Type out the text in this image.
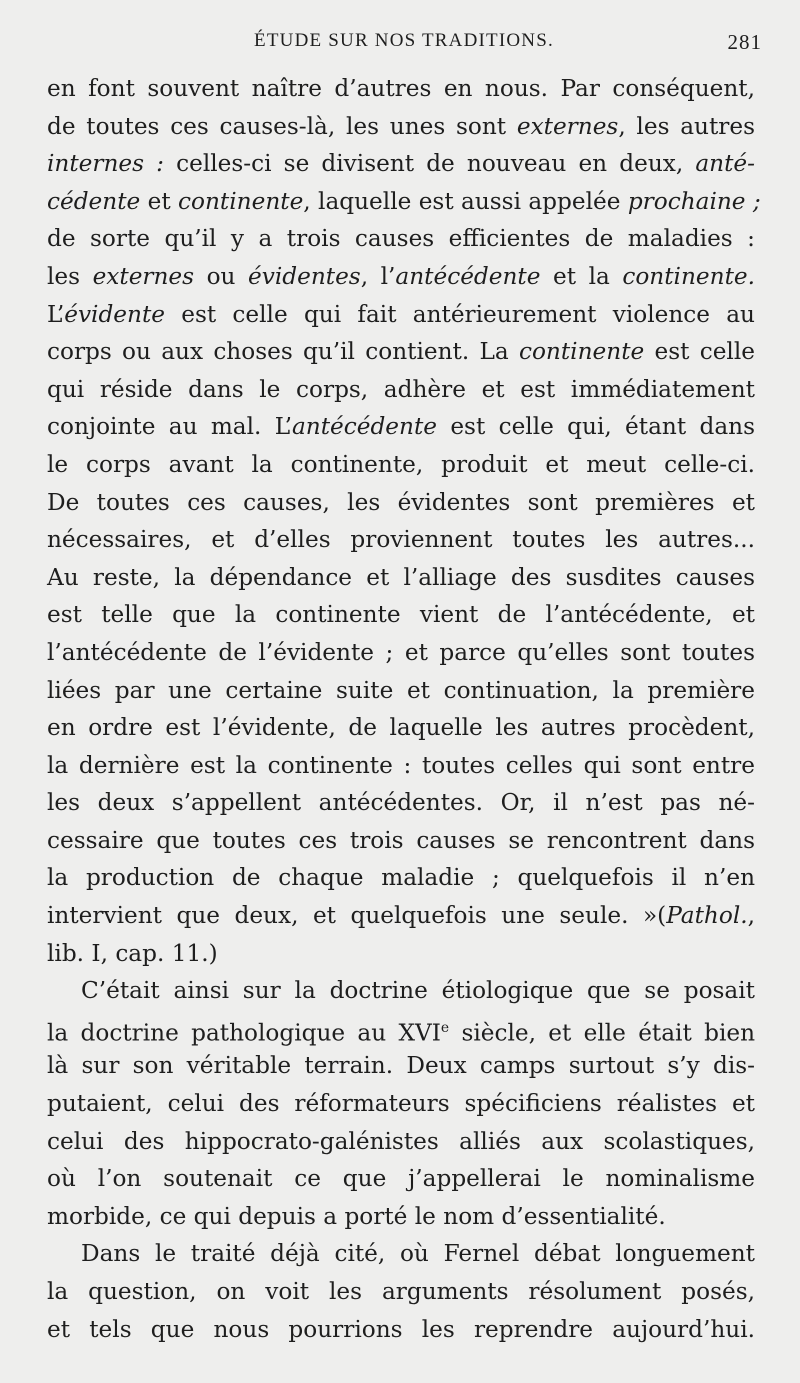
ÉTUDE SUR NOS TRADITIONS.	281
en font souvent naître d’autres en nous. Par conséquent,
de toutes ces causes-là, les unes sont externes, les autres
internes : celles-ci se divisent de nouveau en deux, anté-
cédente et continente, laquelle est aussi appelée prochaine ;
de sorte qu’il y a trois causes efficientes de maladies :
les externes ou évidentes, l’antécédente et la continente.
L’évidente est celle qui fait antérieurement violence au
corps ou aux choses qu’il contient. La continente est celle
qui réside dans le corps, adhère et est immédiatement
conjointe au mal. L’antécédente est celle qui, étant dans
le corps avant la continente, produit et meut celle-ci.
De toutes ces causes, les évidentes sont premières et
nécessaires, et d’elles proviennent toutes les autres...
Au reste, la dépendance et l’alliage des susdites causes
est telle que la continente vient de l’antécédente, et
l’antécédente de l’évidente ; et parce qu’elles sont toutes
liées par une certaine suite et continuation, la première
en ordre est l’évidente, de laquelle les autres procèdent,
la dernière est la continente : toutes celles qui sont entre
les deux s’appellent antécédentes. Or, il n’est pas né-
cessaire que toutes ces trois causes se rencontrent dans
la production de chaque maladie ; quelquefois il n’en
intervient que deux, et quelquefois une seule. »(Pathol.,
lib. I, cap. 11.)
C’était ainsi sur la doctrine étiologique que se posait
la doctrine pathologique au XVIe siècle, et elle était bien
là sur son véritable terrain. Deux camps surtout s’y dis-
putaient, celui des réformateurs spécificiens réalistes et
celui des hippocrato-galénistes alliés aux scolastiques,
où l’on soutenait ce que j’appellerai le nominalisme
morbide, ce qui depuis a porté le nom d’essentialité.
Dans le traité déjà cité, où Fernel débat longuement
la question, on voit les arguments résolument posés,
et tels que nous pourrions les reprendre aujourd’hui.
